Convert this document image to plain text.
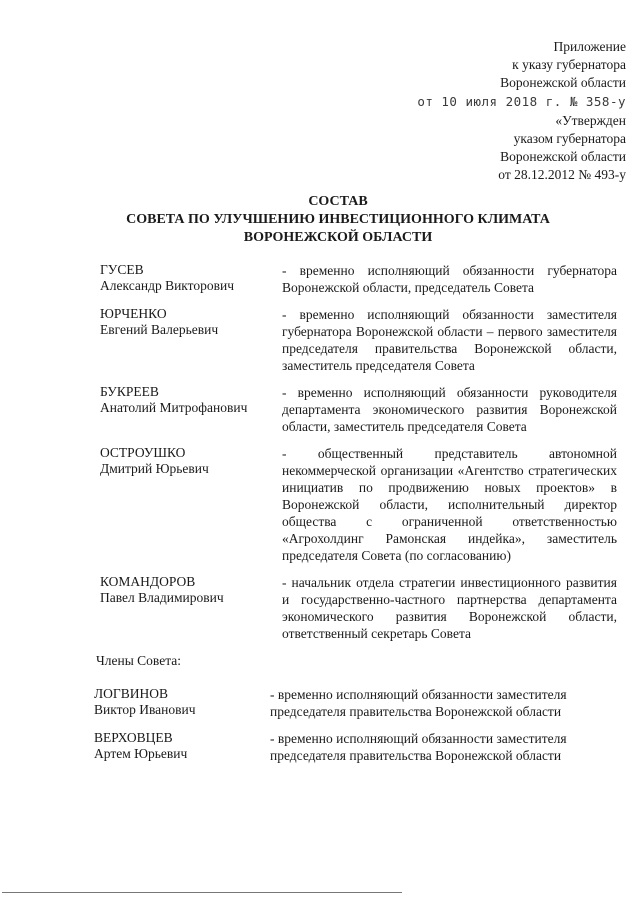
Приложение
к указу губернатора
Воронежской области
от 10 июля 2018 г. № 358-у
«Утвержден
указом губернатора
Воронежской области
от 28.12.2012 № 493-у
СОСТАВ
СОВЕТА ПО УЛУЧШЕНИЮ ИНВЕСТИЦИОННОГО КЛИМАТА
ВОРОНЕЖСКОЙ ОБЛАСТИ
ГУСЕВ
Александр Викторович
- временно исполняющий обязанности губернатора Воронежской области, председатель Совета
ЮРЧЕНКО
Евгений Валерьевич
- временно исполняющий обязанности заместителя губернатора Воронежской области – первого заместителя председателя правительства Воронежской области, заместитель председателя Совета
БУКРЕЕВ
Анатолий Митрофанович
- временно исполняющий обязанности руководителя департамента экономического развития Воронежской области, заместитель председателя Совета
ОСТРОУШКО
Дмитрий Юрьевич
- общественный представитель автономной некоммерческой организации «Агентство стратегических инициатив по продвижению новых проектов» в Воронежской области, исполнительный директор общества с ограниченной ответственностью «Агрохолдинг Рамонская индейка», заместитель председателя Совета (по согласованию)
КОМАНДОРОВ
Павел Владимирович
- начальник отдела стратегии инвестиционного развития и государственно-частного партнерства департамента экономического развития Воронежской области, ответственный секретарь Совета
Члены Совета:
ЛОГВИНОВ
Виктор Иванович
- временно исполняющий обязанности заместителя председателя правительства Воронежской области
ВЕРХОВЦЕВ
Артем Юрьевич
- временно исполняющий обязанности заместителя председателя правительства Воронежской области
